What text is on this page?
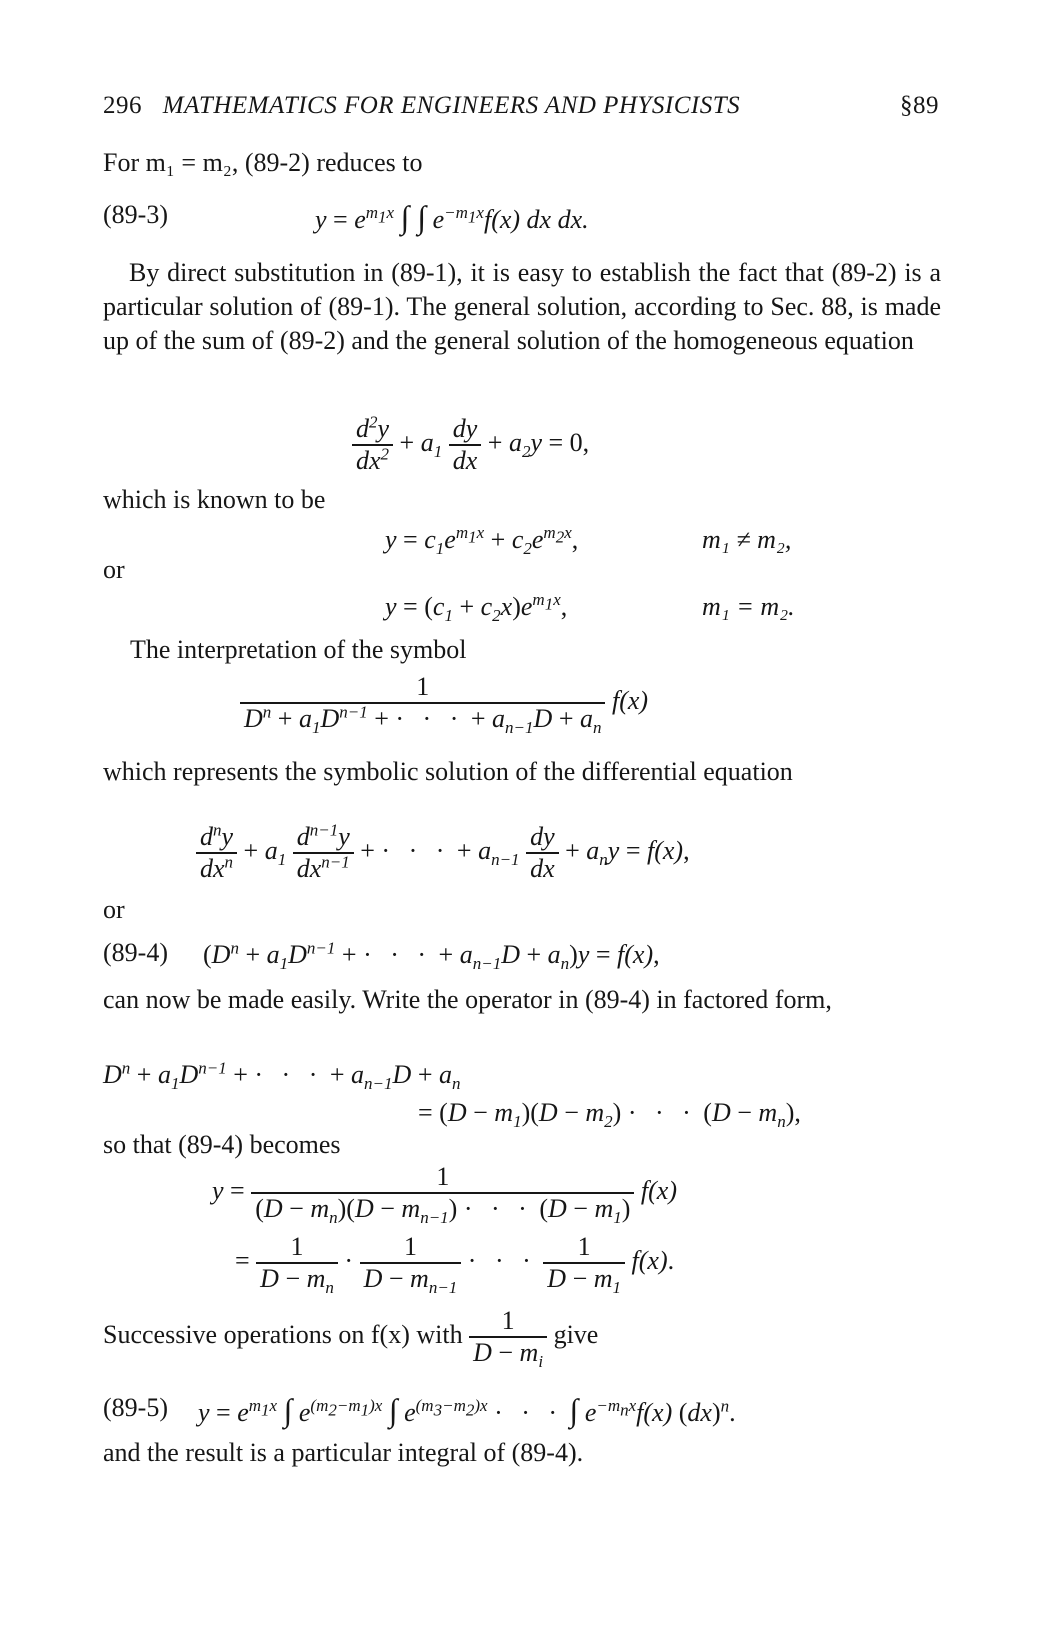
296 MATHEMATICS FOR ENGINEERS AND PHYSICISTS	§89
For m₁ = m₂, (89-2) reduces to
(89-3)	$y = e^{m_1x}$ ∫ ∫ $e^{-m_1x}f(x)$ dx dx.
By direct substitution in (89-1), it is easy to establish the fact that (89-2) is a particular solution of (89-1). The general solution, according to Sec. 88, is made up of the sum of (89-2) and the general solution of the homogeneous equation
$\frac{d^2y}{dx^2} + a_1 \frac{dy}{dx} + a_2y = 0$,
which is known to be
$y = c_1e^{m_1x} + c_2e^{m_2x}$,	m₁ ≠ m₂,
or
$y = (c_1 + c_2x)e^{m_1x}$,	m₁ = m₂.
The interpretation of the symbol
$\frac{1}{D^n + a_1D^{n-1} + \cdot \cdot \cdot + a_{n-1}D + a_n} f(x)$
which represents the symbolic solution of the differential equation
$\frac{d^ny}{dx^n} + a_1 \frac{d^{n-1}y}{dx^{n-1}}$ + · · · + $a_{n-1} \frac{dy}{dx} + a_ny = f(x)$,
or
(89-4) ($D^n + a_1D^{n-1}$ + · · · + $a_{n-1}D + a_n)y = f(x)$,
can now be made easily. Write the operator in (89-4) in factored form,
$D^n + a_1D^{n-1}$ + · · · + $a_{n-1}D + a_n$
= $(D - m_1)(D - m_2)$ · · · $(D - m_n)$,
so that (89-4) becomes
$y = \frac{1}{(D - m_n)(D - m_{n-1}) \cdot \cdot \cdot (D - m_1)} f(x)$
= $\frac{1}{D - m_n} \cdot \frac{1}{D - m_{n-1}}$ · · · $\frac{1}{D - m_1} f(x)$.
Successive operations on f(x) with $\frac{1}{D - m_i}$ give
(89-5) $y = e^{m_1x}$ ∫ $e^{(m_2-m_1)x}$ ∫ $e^{(m_3-m_2)x}$ · · · ∫ $e^{-m_nx}f(x)$ (dx)$^n$.
and the result is a particular integral of (89-4).
